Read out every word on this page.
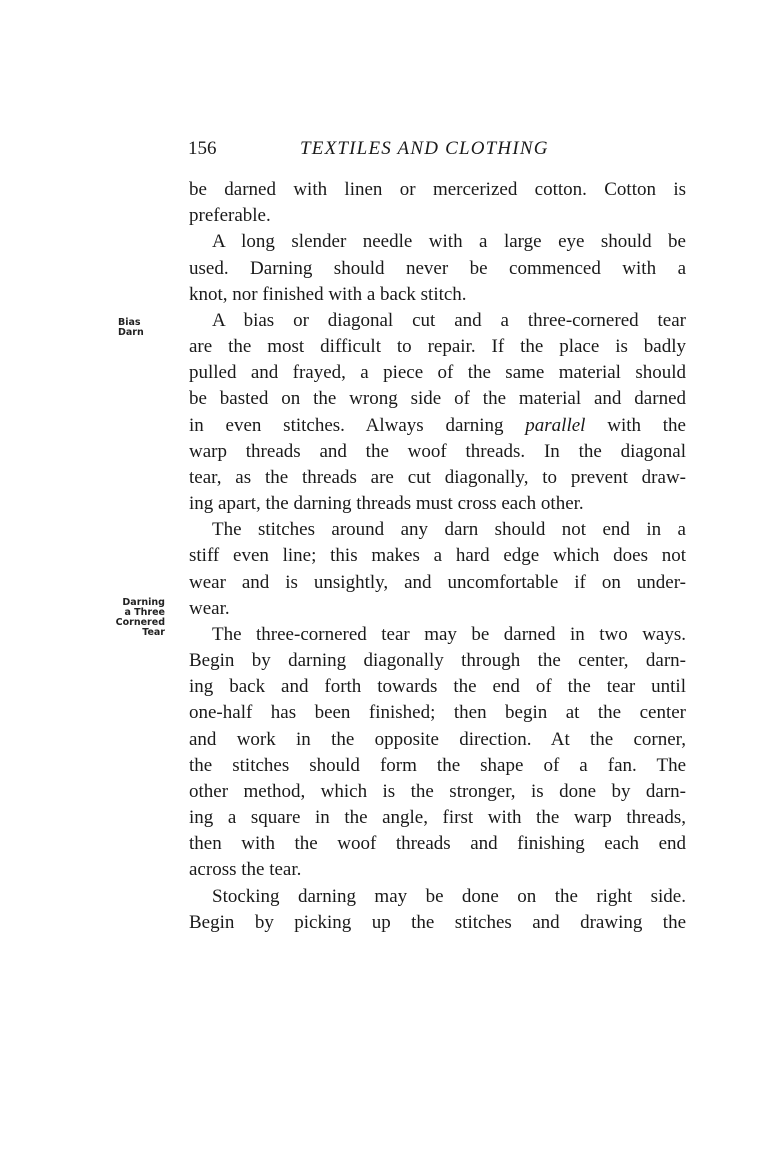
156	TEXTILES AND CLOTHING
Bias
Darn
Darning
a Three
Cornered
Tear
be darned with linen or mercerized cotton. Cotton is
preferable.
A long slender needle with a large eye should be
used. Darning should never be commenced with a
knot, nor finished with a back stitch.
A bias or diagonal cut and a three-cornered tear
are the most difficult to repair. If the place is badly
pulled and frayed, a piece of the same material should
be basted on the wrong side of the material and darned
in even stitches. Always darning parallel with the
warp threads and the woof threads. In the diagonal
tear, as the threads are cut diagonally, to prevent draw-
ing apart, the darning threads must cross each other.
The stitches around any darn should not end in a
stiff even line; this makes a hard edge which does not
wear and is unsightly, and uncomfortable if on under-
wear.
The three-cornered tear may be darned in two ways.
Begin by darning diagonally through the center, darn-
ing back and forth towards the end of the tear until
one-half has been finished; then begin at the center
and work in the opposite direction. At the corner,
the stitches should form the shape of a fan. The
other method, which is the stronger, is done by darn-
ing a square in the angle, first with the warp threads,
then with the woof threads and finishing each end
across the tear.
Stocking darning may be done on the right side.
Begin by picking up the stitches and drawing the
